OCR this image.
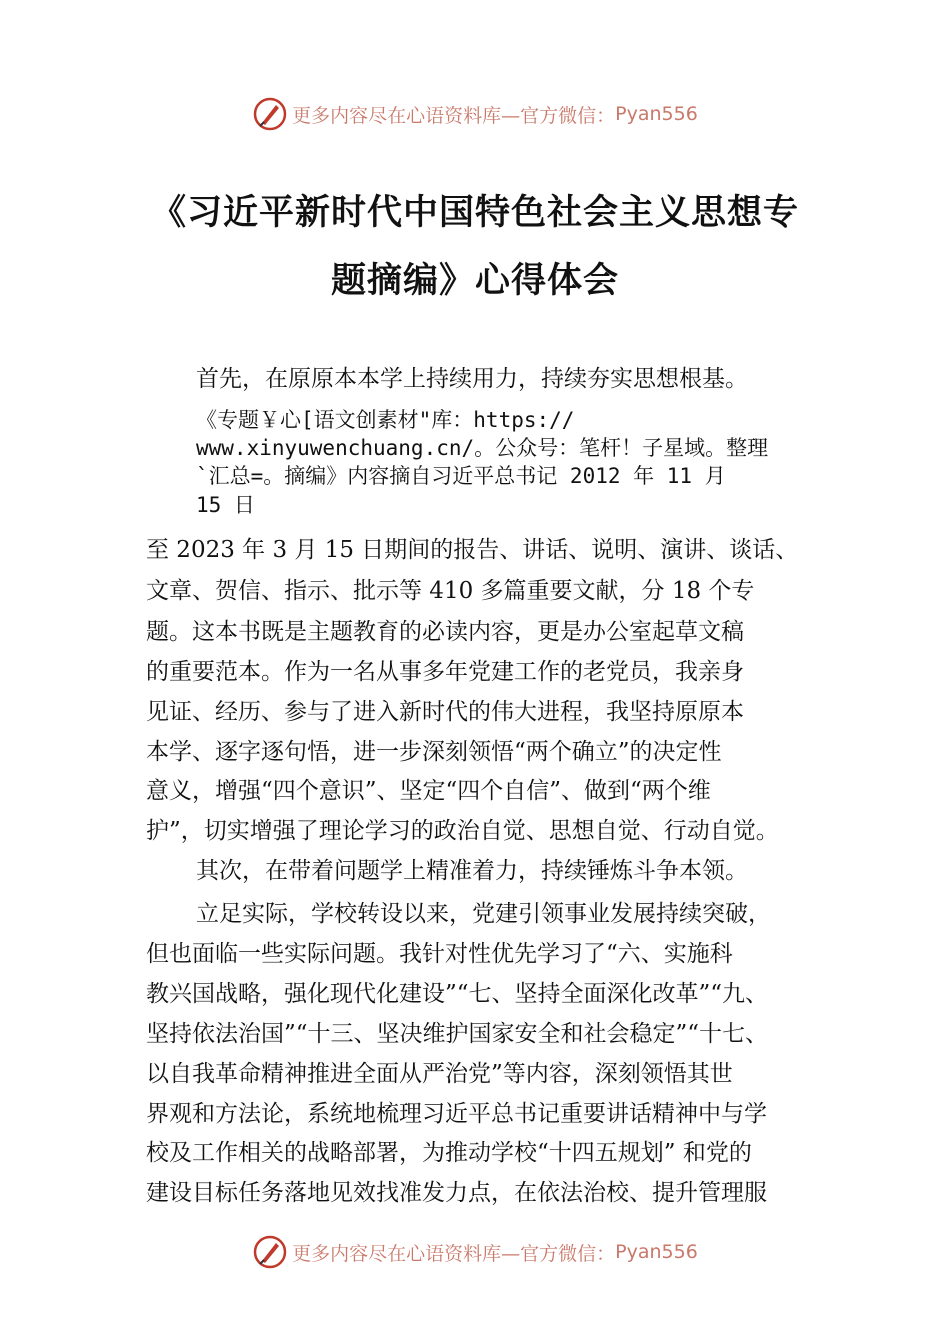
更多内容尽在心语资料库—官方微信： Pyan556
《习近平新时代中国特色社会主义思想专
题摘编》心得体会
首先，在原原本本学上持续用力，持续夯实思想根基。
《专题￥心[语文创素材"库：https://
www.xinyuwenchuang.cn/。公众号：笔杆！子星域。整理
`汇总=。摘编》内容摘自习近平总书记 2012 年 11 月
15 日
至 2023 年 3 月 15 日期间的报告、讲话、说明、演讲、谈话、
文章、贺信、指示、批示等 410 多篇重要文献，分 18 个专
题。这本书既是主题教育的必读内容，更是办公室起草文稿
的重要范本。作为一名从事多年党建工作的老党员，我亲身
见证、经历、参与了进入新时代的伟大进程，我坚持原原本
本学、逐字逐句悟，进一步深刻领悟“两个确立”的决定性
意义，增强“四个意识”、坚定“四个自信”、做到“两个维
护”，切实增强了理论学习的政治自觉、思想自觉、行动自觉。
其次，在带着问题学上精准着力，持续锤炼斗争本领。
立足实际，学校转设以来，党建引领事业发展持续突破，
但也面临一些实际问题。我针对性优先学习了“六、实施科
教兴国战略，强化现代化建设”“七、坚持全面深化改革”“九、
坚持依法治国”“十三、坚决维护国家安全和社会稳定”“十七、
以自我革命精神推进全面从严治党”等内容，深刻领悟其世
界观和方法论，系统地梳理习近平总书记重要讲话精神中与学
校及工作相关的战略部署，为推动学校“十四五规划” 和党的
建设目标任务落地见效找准发力点，在依法治校、提升管理服
更多内容尽在心语资料库—官方微信： Pyan556
